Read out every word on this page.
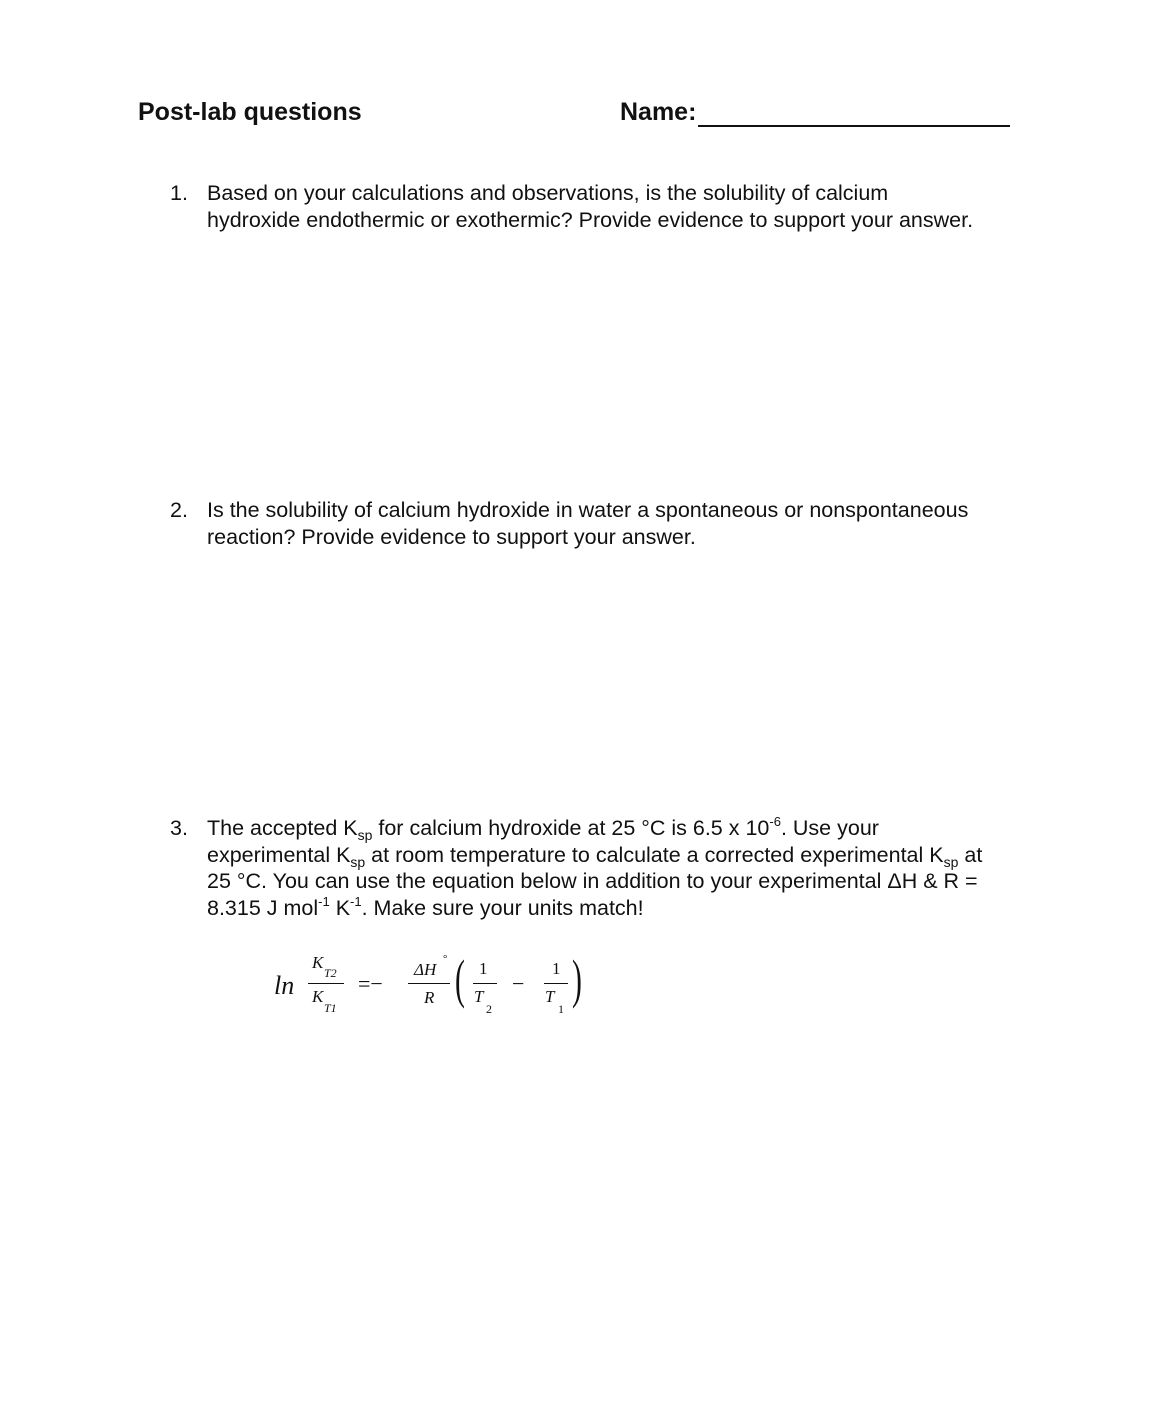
Post-lab questions	Name:
1. Based on your calculations and observations, is the solubility of calcium
hydroxide endothermic or exothermic? Provide evidence to support your answer.
2. Is the solubility of calcium hydroxide in water a spontaneous or nonspontaneous
reaction? Provide evidence to support your answer.
3. The accepted $K_{sp}$ for calcium hydroxide at 25 °C is 6.5 x $10^{-6}$. Use your
experimental $K_{sp}$ at room temperature to calculate a corrected experimental $K_{sp}$ at
25 °C. You can use the equation below in addition to your experimental ΔH & R =
8.315 J mol$^{-1}$ $K^{-1}$. Make sure your units match!
ln
K
T2
K
T1
=−
ΔH
°
R ( 1
T
2
−
1
T
1 )
